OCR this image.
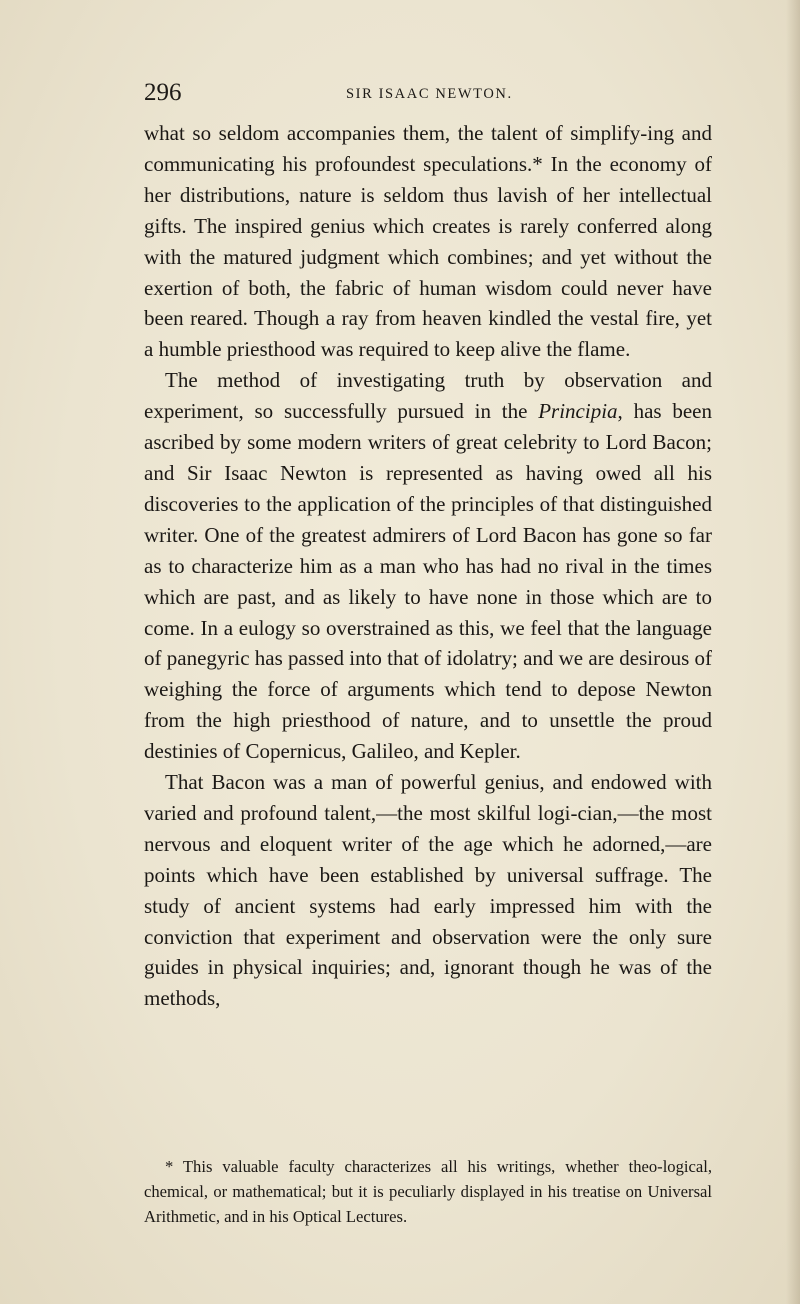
296	SIR ISAAC NEWTON.

what so seldom accompanies them, the talent of simplify-ing and communicating his profoundest speculations.* In the economy of her distributions, nature is seldom thus lavish of her intellectual gifts. The inspired genius which creates is rarely conferred along with the matured judgment which combines; and yet without the exertion of both, the fabric of human wisdom could never have been reared. Though a ray from heaven kindled the vestal fire, yet a humble priesthood was required to keep alive the flame.

The method of investigating truth by observation and experiment, so successfully pursued in the Principia, has been ascribed by some modern writers of great celebrity to Lord Bacon; and Sir Isaac Newton is represented as having owed all his discoveries to the application of the principles of that distinguished writer. One of the greatest admirers of Lord Bacon has gone so far as to characterize him as a man who has had no rival in the times which are past, and as likely to have none in those which are to come. In a eulogy so overstrained as this, we feel that the language of panegyric has passed into that of idolatry; and we are desirous of weighing the force of arguments which tend to depose Newton from the high priesthood of nature, and to unsettle the proud destinies of Copernicus, Galileo, and Kepler.

That Bacon was a man of powerful genius, and endowed with varied and profound talent,—the most skilful logi-cian,—the most nervous and eloquent writer of the age which he adorned,—are points which have been established by universal suffrage. The study of ancient systems had early impressed him with the conviction that experiment and observation were the only sure guides in physical inquiries; and, ignorant though he was of the methods,

* This valuable faculty characterizes all his writings, whether theo-logical, chemical, or mathematical; but it is peculiarly displayed in his treatise on Universal Arithmetic, and in his Optical Lectures.
